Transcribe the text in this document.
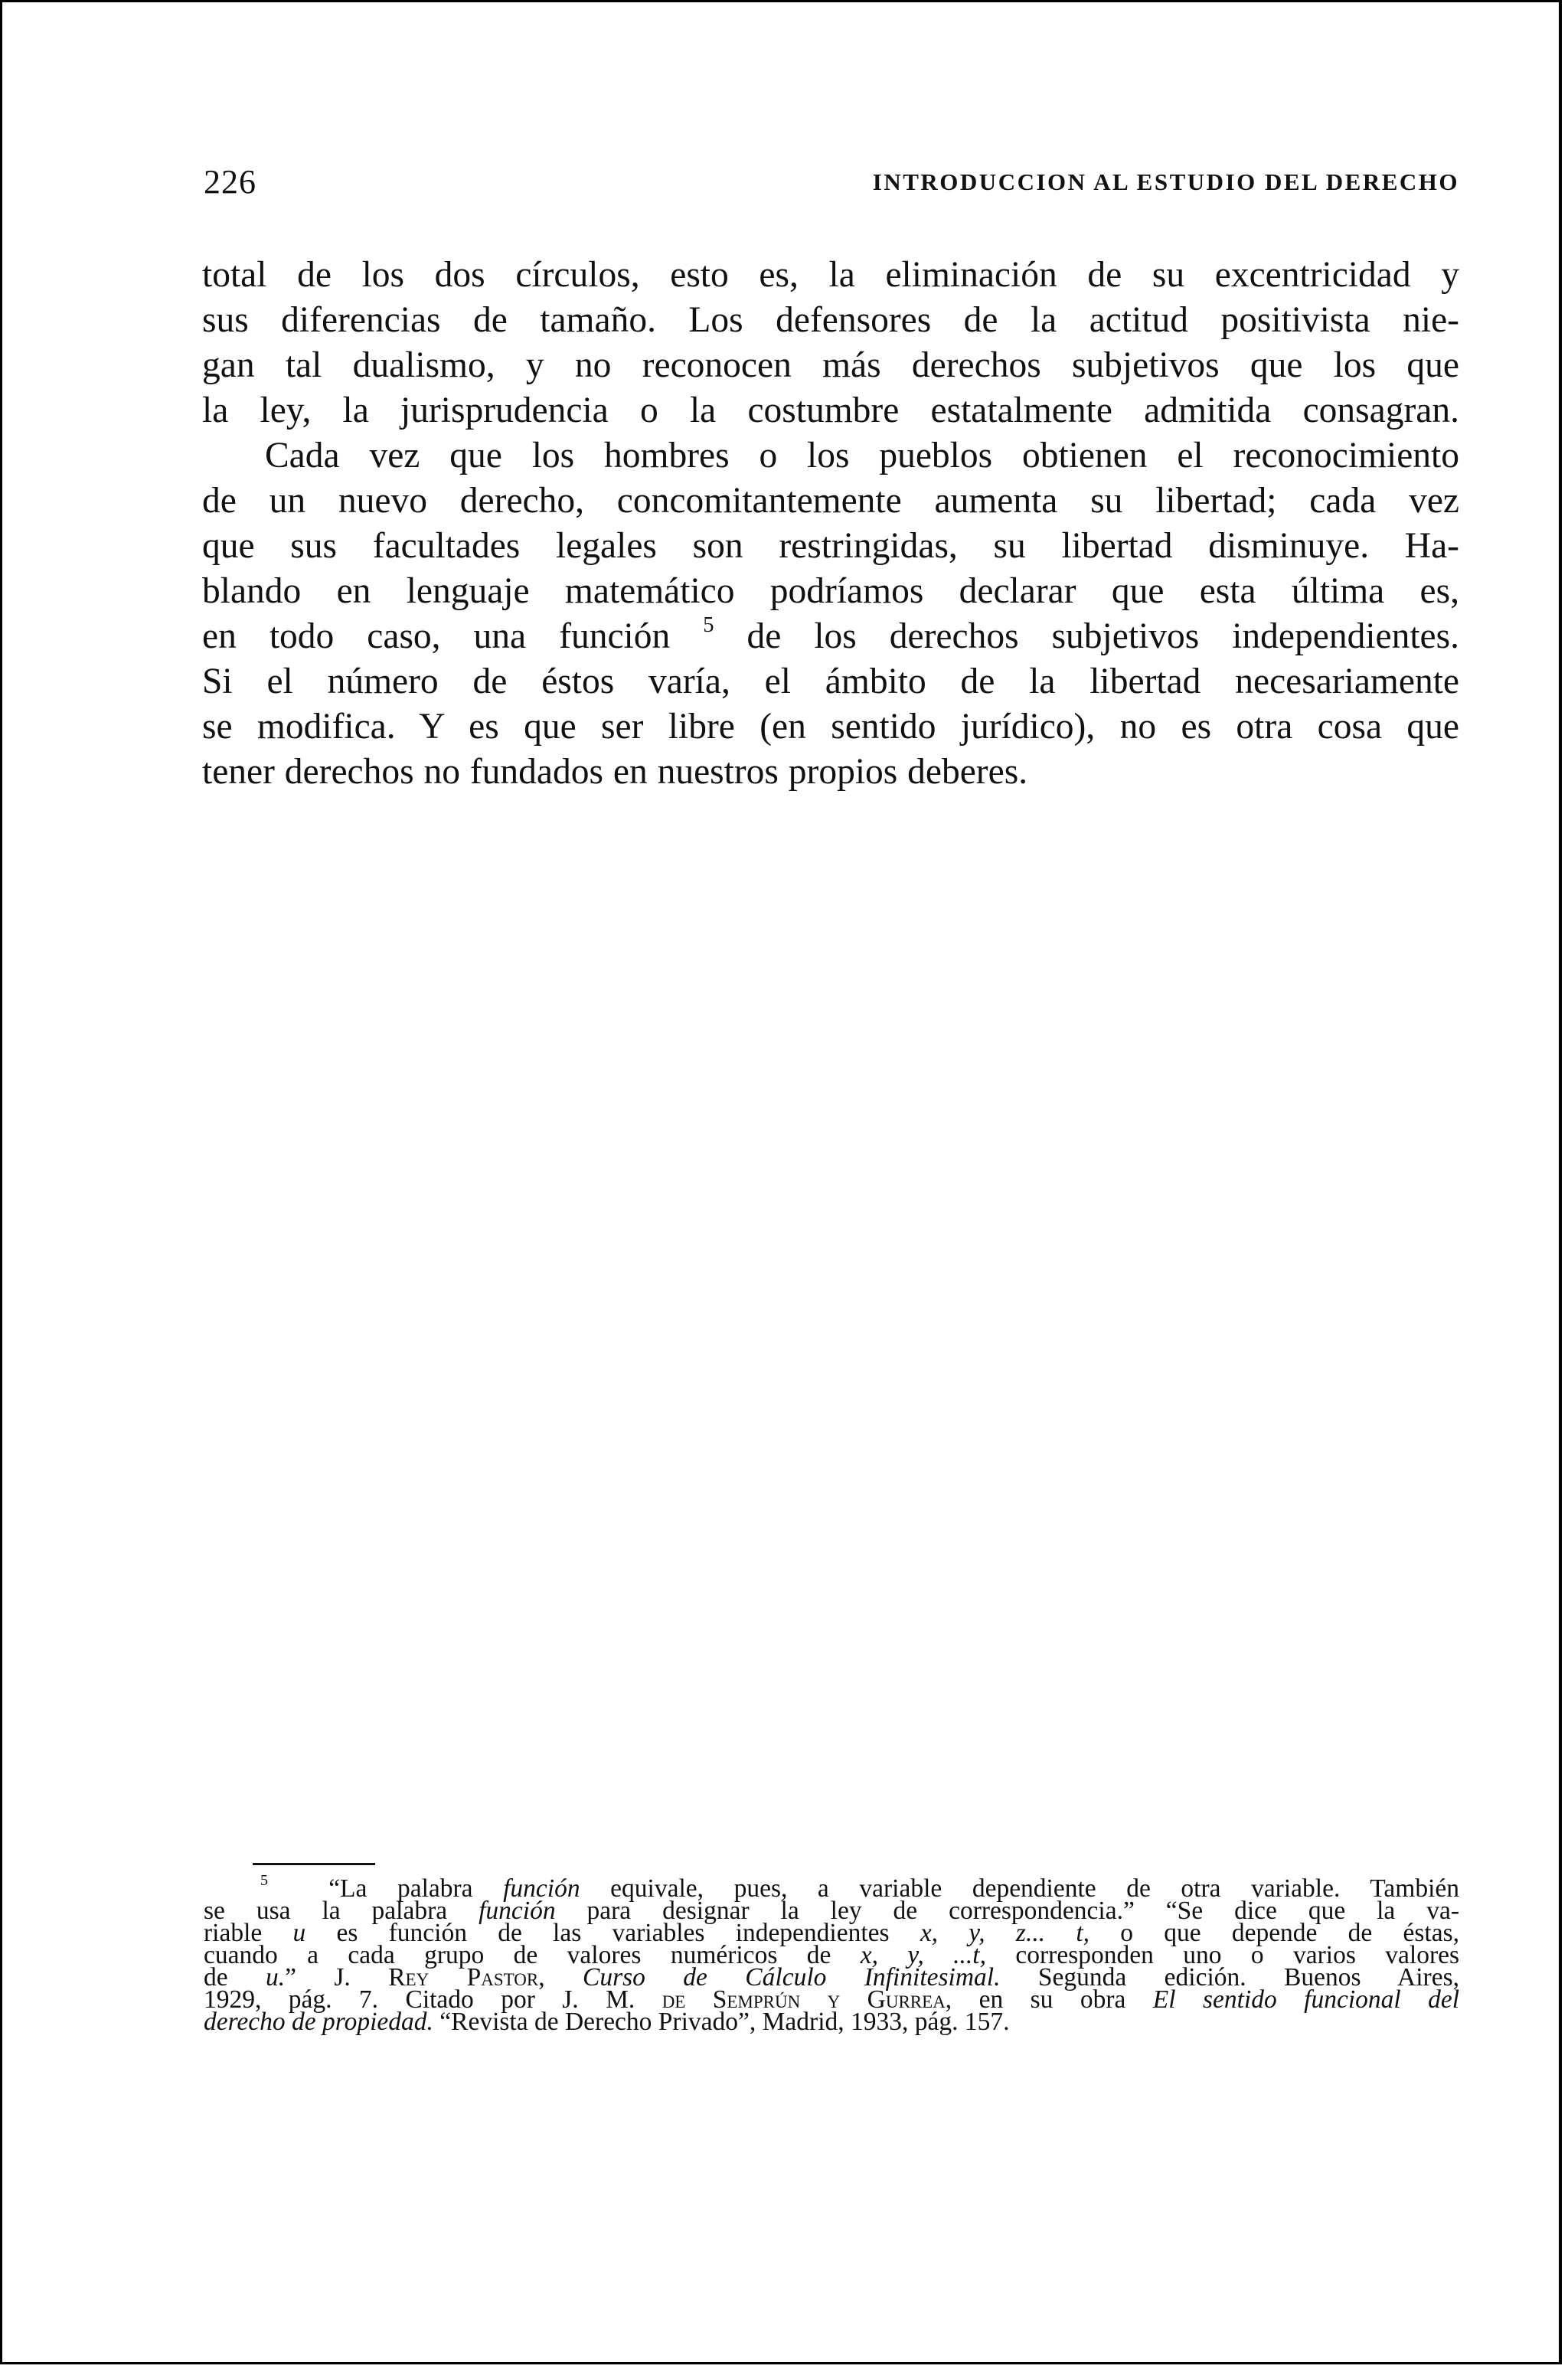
226	INTRODUCCION AL ESTUDIO DEL DERECHO
total de los dos círculos, esto es, la eliminación de su excentricidad y
sus diferencias de tamaño. Los defensores de la actitud positivista nie-
gan tal dualismo, y no reconocen más derechos subjetivos que los que
la ley, la jurisprudencia o la costumbre estatalmente admitida consagran.
Cada vez que los hombres o los pueblos obtienen el reconocimiento
de un nuevo derecho, concomitantemente aumenta su libertad; cada vez
que sus facultades legales son restringidas, su libertad disminuye. Ha-
blando en lenguaje matemático podríamos declarar que esta última es,
en todo caso, una función $^5$ de los derechos subjetivos independientes.
Si el número de éstos varía, el ámbito de la libertad necesariamente
se modifica. Y es que ser libre (en sentido jurídico), no es otra cosa que
tener derechos no fundados en nuestros propios deberes.
$^5$ “La palabra función equivale, pues, a variable dependiente de otra variable. También
se usa la palabra función para designar la ley de correspondencia.” “Se dice que la va-
riable u es función de las variables independientes x, y, z... t, o que depende de éstas,
cuando a cada grupo de valores numéricos de x, y, ...t, corresponden uno o varios valores
de u.” J. Rey Pastor, Curso de Cálculo Infinitesimal. Segunda edición. Buenos Aires,
1929, pág. 7. Citado por J. M. de Semprún y Gurrea, en su obra El sentido funcional del
derecho de propiedad. “Revista de Derecho Privado”, Madrid, 1933, pág. 157.
